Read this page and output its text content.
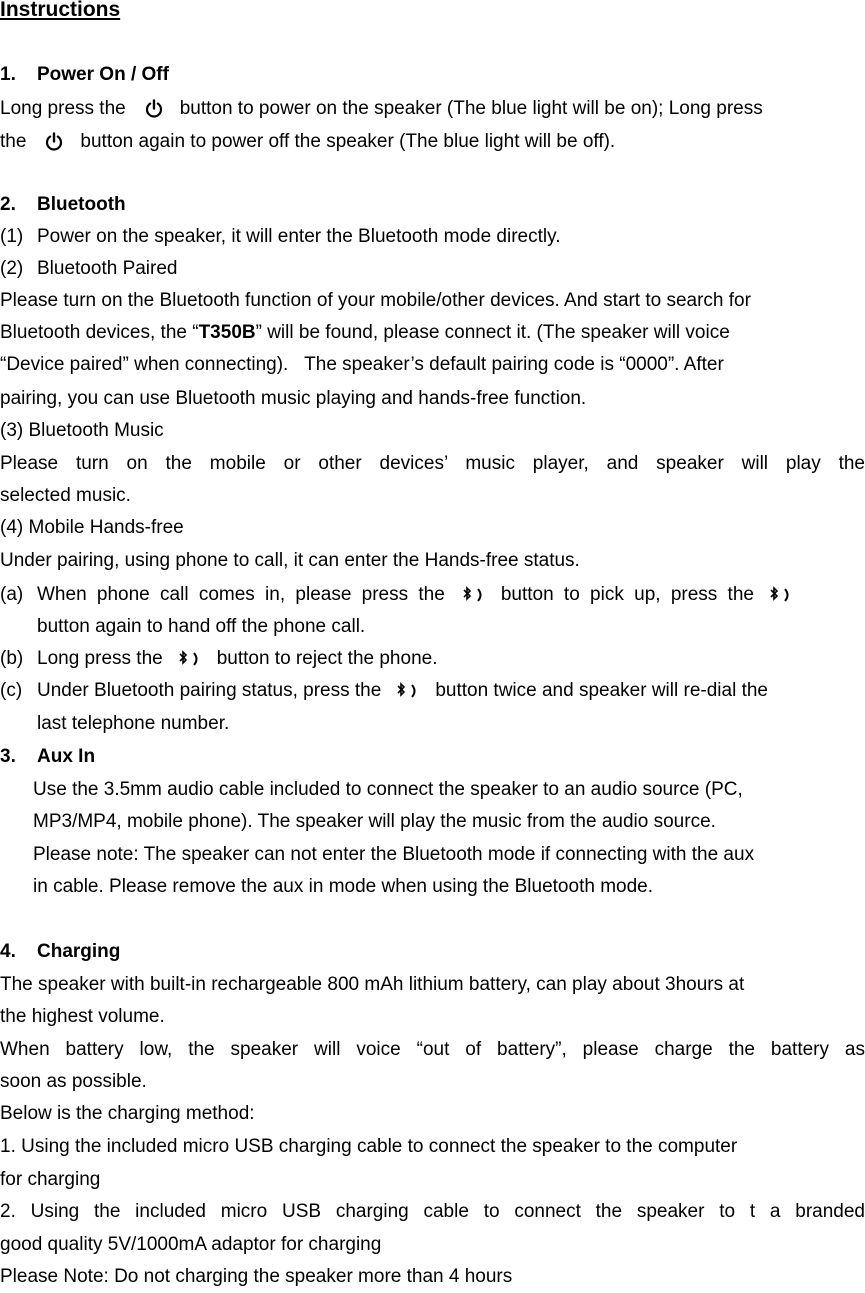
Instructions
1. Power On / Off
Long press the	button to power on the speaker (The blue light will be on); Long press
the	button again to power off the speaker (The blue light will be off).
2. Bluetooth
(1) Power on the speaker, it will enter the Bluetooth mode directly.
(2) Bluetooth Paired
Please turn on the Bluetooth function of your mobile/other devices. And start to search for
Bluetooth devices, the “T350B” will be found, please connect it. (The speaker will voice
“Device paired” when connecting).   The speaker’s default pairing code is “0000”. After
pairing, you can use Bluetooth music playing and hands-free function.
(3) Bluetooth Music
Please turn on the mobile or other devices’ music player, and speaker will play the
selected music.
(4) Mobile Hands-free
Under pairing, using phone to call, it can enter the Hands-free status.
(a) When phone call comes in, please press the	button to pick up, press the
button again to hand off the phone call.
(b) Long press the	button to reject the phone.
(c) Under Bluetooth pairing status, press the	button twice and speaker will re-dial the
last telephone number.
3. Aux In
Use the 3.5mm audio cable included to connect the speaker to an audio source (PC,
MP3/MP4, mobile phone). The speaker will play the music from the audio source.
Please note: The speaker can not enter the Bluetooth mode if connecting with the aux
in cable. Please remove the aux in mode when using the Bluetooth mode.
4. Charging
The speaker with built-in rechargeable 800 mAh lithium battery, can play about 3hours at
the highest volume.
When battery low, the speaker will voice “out of battery”, please charge the battery as
soon as possible.
Below is the charging method:
1. Using the included micro USB charging cable to connect the speaker to the computer
for charging
2. Using the included micro USB charging cable to connect the speaker to t a branded
good quality 5V/1000mA adaptor for charging
Please Note: Do not charging the speaker more than 4 hours
